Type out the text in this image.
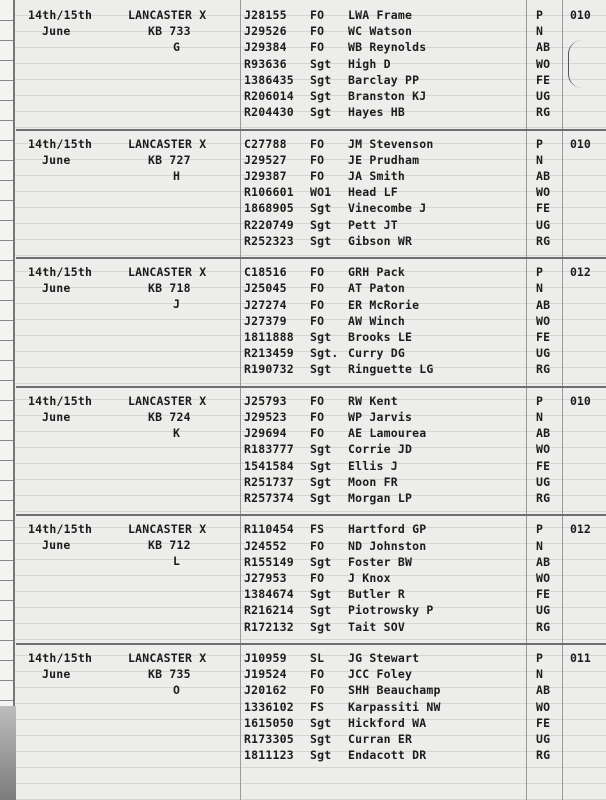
14th/15th
June
LANCASTER X
KB 733
G
010
J28155 FO LWA Frame	P
J29526 FO WC Watson	N
J29384 FO WB Reynolds	AB
R93636 Sgt High D	WO
1386435 Sgt Barclay PP	FE
R206014 Sgt Branston KJ	UG
R204430 Sgt Hayes HB	RG
14th/15th
June
LANCASTER X
KB 727
H
010
C27788 FO JM Stevenson	P
J29527 FO JE Prudham	N
J29387 FO JA Smith	AB
R106601 WO1 Head LF	WO
1868905 Sgt Vinecombe J	FE
R220749 Sgt Pett JT	UG
R252323 Sgt Gibson WR	RG
14th/15th
June
LANCASTER X
KB 718
J
012
C18516 FO GRH Pack	P
J25045 FO AT Paton	N
J27274 FO ER McRorie	AB
J27379 FO AW Winch	WO
1811888 Sgt Brooks LE	FE
R213459 Sgt. Curry DG	UG
R190732 Sgt Ringuette LG	RG
14th/15th
June
LANCASTER X
KB 724
K
010
J25793 FO RW Kent	P
J29523 FO WP Jarvis	N
J29694 FO AE Lamourea	AB
R183777 Sgt Corrie JD	WO
1541584 Sgt Ellis J	FE
R251737 Sgt Moon FR	UG
R257374 Sgt Morgan LP	RG
14th/15th
June
LANCASTER X
KB 712
L
012
R110454 FS Hartford GP	P
J24552 FO ND Johnston	N
R155149 Sgt Foster BW	AB
J27953 FO J Knox	WO
1384674 Sgt Butler R	FE
R216214 Sgt Piotrowsky P	UG
R172132 Sgt Tait SOV	RG
14th/15th
June
LANCASTER X
KB 735
O
011
J10959 SL JG Stewart	P
J19524 FO JCC Foley	N
J20162 FO SHH Beauchamp	AB
1336102 FS Karpassiti NW	WO
1615050 Sgt Hickford WA	FE
R173305 Sgt Curran ER	UG
1811123 Sgt Endacott DR	RG
